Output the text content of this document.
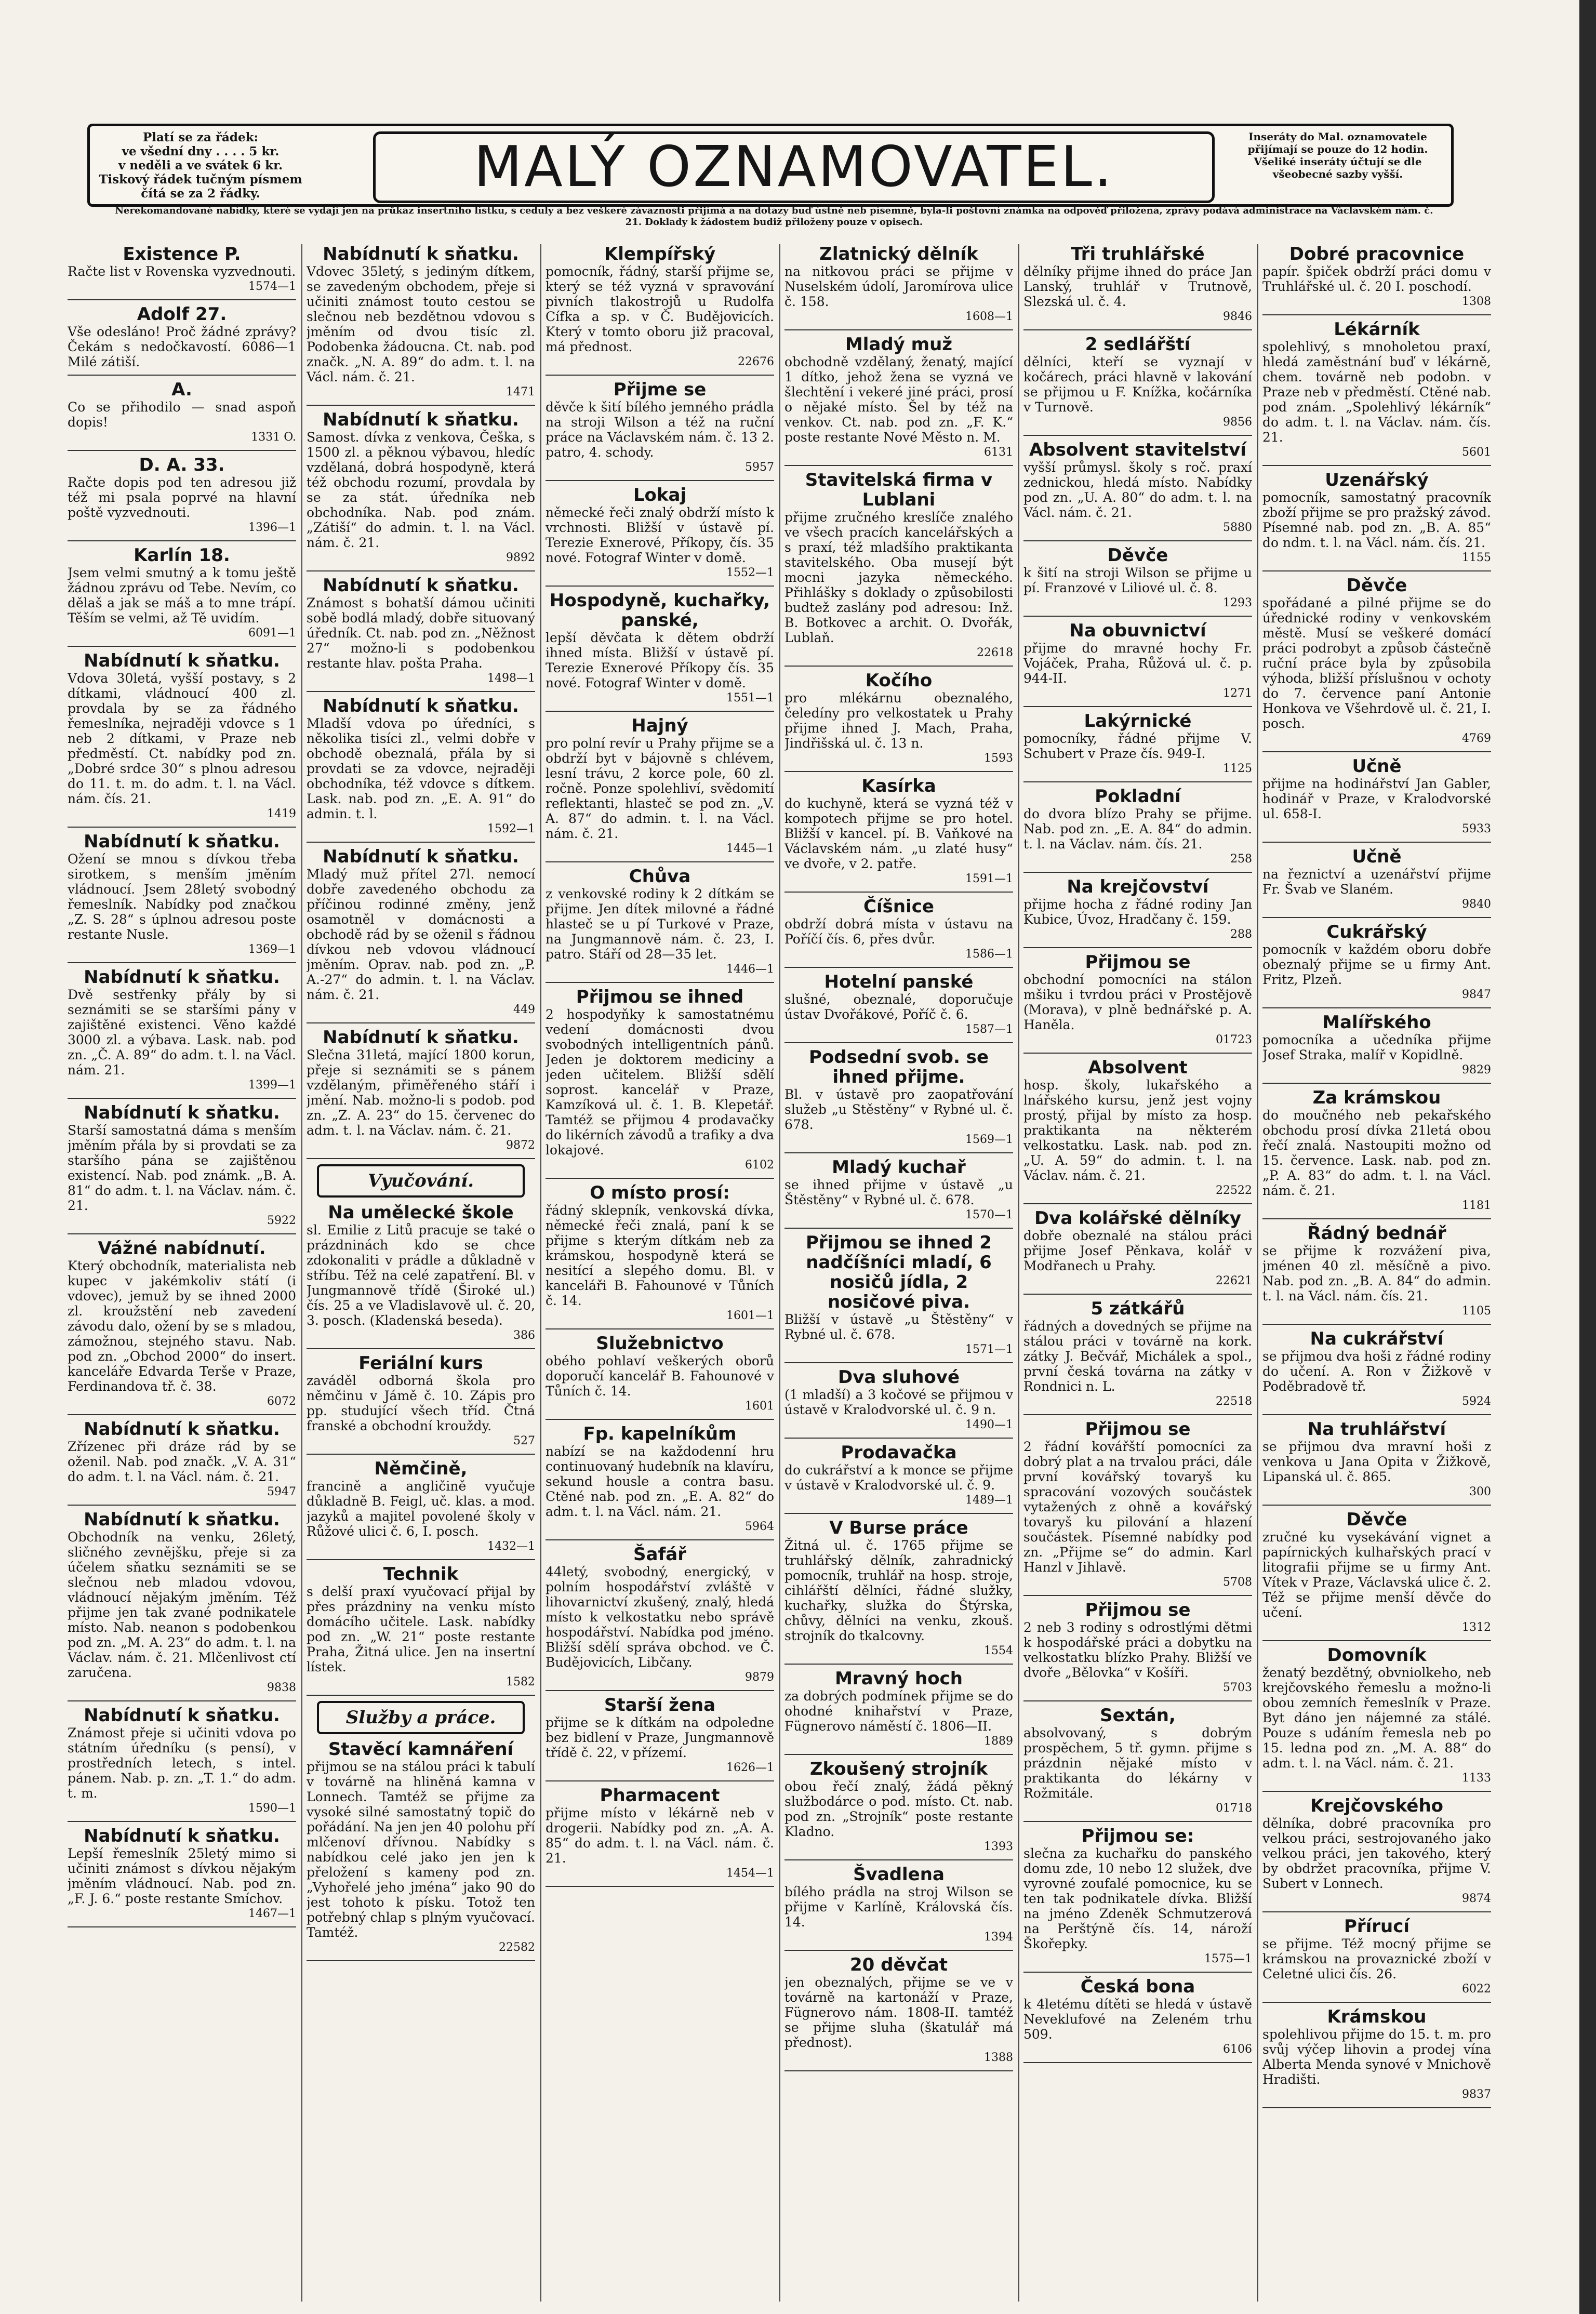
Platí se za řádek:
ve všední dny . . . . 5 kr.
v neděli a ve svátek 6 kr.
Tiskový řádek tučným písmem
čítá se za 2 řádky.	MALÝ OZNAMOVATEL.	Inseráty do Mal. oznamovatele
přijímají se pouze do 12 hodin.
Všeliké inseráty účtují se dle všeobecné sazby vyšší.
Nerekomandované nabídky, které se vydají jen na průkaz insertního lístku, s ceduly a bez veškeré závaznosti přijímá a na dotazy buď ústně neb písemně, byla-li poštovní známka na odpověď přiložena, zprávy podává administrace na Václavském nám. č. 21. Doklady k žádostem budiž přiloženy pouze v opisech.
Existence P.
Račte list v Rovenska vyzvednouti.
1574—1
Adolf 27.
Vše odesláno! Proč žádné zprávy? Čekám s nedočkavostí. 6086—1 Milé zátiší.
A.
Co se přihodilo — snad aspoň dopis!
1331 O.
D. A. 33.
Račte dopis pod ten adresou již též mi psala poprvé na hlavní poště vyzvednouti.
1396—1
Karlín 18.
Jsem velmi smutný a k tomu ještě žádnou zprávu od Tebe. Nevím, co dělaš a jak se máš a to mne trápí. Těším se velmi, až Tě uvidím.
6091—1
Nabídnutí k sňatku.
Vdova 30letá, vyšší postavy, s 2 dítkami, vládnoucí 400 zl. provdala by se za řádného řemeslníka, nejraději vdovce s 1 neb 2 dítkami, v Praze neb předměstí. Ct. nabídky pod zn. „Dobré srdce 30“ s plnou adresou do 11. t. m. do adm. t. l. na Václ. nám. čís. 21.
1419
Nabídnutí k sňatku.
Ožení se mnou s dívkou třeba sirotkem, s menším jměním vládnoucí. Jsem 28letý svobodný řemeslník. Nabídky pod značkou „Z. S. 28“ s úplnou adresou poste restante Nusle.
1369—1
Nabídnutí k sňatku.
Dvě sestřenky přály by si seznámiti se se staršími pány v zajištěné existenci. Věno každé 3000 zl. a výbava. Lask. nab. pod zn. „Č. A. 89“ do adm. t. l. na Václ. nám. 21.
1399—1
Nabídnutí k sňatku.
Starší samostatná dáma s menším jměním přála by si provdati se za staršího pána se zajištěnou existencí. Nab. pod známk. „B. A. 81“ do adm. t. l. na Václav. nám. č. 21.
5922
Vážné nabídnutí.
Který obchodník, materialista neb kupec v jakémkoliv státí (i vdovec), jemuž by se ihned 2000 zl. kroužstění neb zavedení závodu dalo, ožení by se s mladou, zámožnou, stejného stavu. Nab. pod zn. „Obchod 2000“ do insert. kanceláře Edvarda Terše v Praze, Ferdinandova tř. č. 38.
6072
Nabídnutí k sňatku.
Zřízenec při dráze rád by se oženil. Nab. pod značk. „V. A. 31“ do adm. t. l. na Václ. nám. č. 21.
5947
Nabídnutí k sňatku.
Obchodník na venku, 26letý, sličného zevnějšku, přeje si za účelem sňatku seznámiti se se slečnou neb mladou vdovou, vládnoucí nějakým jměním. Též přijme jen tak zvané podnikatele místo. Nab. neanon s podobenkou pod zn. „M. A. 23“ do adm. t. l. na Václav. nám. č. 21. Mlčenlivost ctí zaručena.
9838
Nabídnutí k sňatku.
Známost přeje si učiniti vdova po státním úředníku (s pensí), v prostředních letech, s intel. pánem. Nab. p. zn. „T. 1.“ do adm. t. m.
1590—1
Nabídnutí k sňatku.
Lepší řemeslník 25letý mimo si učiniti známost s dívkou nějakým jměním vládnoucí. Nab. pod zn. „F. J. 6.“ poste restante Smíchov.
1467—1
Nabídnutí k sňatku.
Vdovec 35letý, s jediným dítkem, se zavedeným obchodem, přeje si učiniti známost touto cestou se slečnou neb bezdětnou vdovou s jměním od dvou tisíc zl. Podobenka žádoucna. Ct. nab. pod značk. „N. A. 89“ do adm. t. l. na Václ. nám. č. 21.
1471
Nabídnutí k sňatku.
Samost. dívka z venkova, Češka, s 1500 zl. a pěknou výbavou, hledíc vzdělaná, dobrá hospodyně, která též obchodu rozumí, provdala by se za stát. úředníka neb obchodníka. Nab. pod znám. „Zátiší“ do admin. t. l. na Václ. nám. č. 21.
9892
Nabídnutí k sňatku.
Známost s bohatší dámou učiniti sobě bodlá mladý, dobře situovaný úředník. Ct. nab. pod zn. „Něžnost 27“ možno-li s podobenkou restante hlav. pošta Praha.
1498—1
Nabídnutí k sňatku.
Mladší vdova po úředníci, s několika tisíci zl., velmi dobře v obchodě obeznalá, přála by si provdati se za vdovce, nejraději obchodníka, též vdovce s dítkem. Lask. nab. pod zn. „E. A. 91“ do admin. t. l.
1592—1
Nabídnutí k sňatku.
Mladý muž přítel 27l. nemocí dobře zavedeného obchodu za příčinou rodinné změny, jenž osamotněl v domácnosti a obchodě rád by se oženil s řádnou dívkou neb vdovou vládnoucí jměním. Oprav. nab. pod zn. „P. A.-27“ do admin. t. l. na Václav. nám. č. 21.
449
Nabídnutí k sňatku.
Slečna 31letá, mající 1800 korun, přeje si seznámiti se s pánem vzdělaným, přiměřeného stáří i jmění. Nab. možno-li s podob. pod zn. „Z. A. 23“ do 15. červenec do adm. t. l. na Václav. nám. č. 21.
9872
Vyučování.
Na umělecké škole
sl. Emilie z Litů pracuje se také o prázdninách kdo se chce zdokonaliti v prádle a důkladně v stříbu. Též na celé zapatření. Bl. v Jungmannově třídě (Široké ul.) čís. 25 a ve Vladislavově ul. č. 20, 3. posch. (Kladenská beseda).
386
Feriální kurs
zaváděl odborná škola pro němčinu v Jámě č. 10. Zápis pro pp. studující všech tříd. Čtná franské a obchodní krouždy.
527
Němčině,
francině a angličině vyučuje důkladně B. Feigl, uč. klas. a mod. jazyků a majitel povolené školy v Růžové ulici č. 6, I. posch.
1432—1
Technik
s delší praxí vyučovací přijal by přes prázdniny na venku místo domácího učitele. Lask. nabídky pod zn. „W. 21“ poste restante Praha, Žitná ulice. Jen na insertní lístek.
1582
Služby a práce.
Stavěcí kamnáření
přijmou se na stálou práci k tabulí v továrně na hliněná kamna v Lonnech. Tamtéž se přijme za vysoké silné samostatný topič do pořádání. Na jen jen 40 polohu pří mlčenoví dřívnou. Nabídky s nabídkou celé jako jen jen k přeložení s kameny pod zn. „Vyhořelé jeho jména“ jako 90 do jest tohoto k písku. Totož ten potřebný chlap s plným vyučovací. Tamtéž.
22582
Klempířský
pomocník, řádný, starší přijme se, který se též vyzná v spravování pivních tlakostrojů u Rudolfa Cífka a sp. v Č. Budějovicích. Který v tomto oboru již pracoval, má přednost.
22676
Přijme se
děvče k šití bílého jemného prádla na stroji Wilson a též na ruční práce na Václavském nám. č. 13 2. patro, 4. schody.
5957
Lokaj
německé řeči znalý obdrží místo k vrchnosti. Bližší v ústavě pí. Terezie Exnerové, Příkopy, čís. 35 nové. Fotograf Winter v domě.
1552—1
Hospodyně, kuchařky, panské,
lepší děvčata k dětem obdrží ihned místa. Bližší v ústavě pí. Terezie Exnerové Příkopy čís. 35 nové. Fotograf Winter v domě.
1551—1
Hajný
pro polní revír u Prahy přijme se a obdrží byt v bájovně s chlévem, lesní trávu, 2 korce pole, 60 zl. ročně. Ponze spolehliví, svědomití reflektanti, hlasteč se pod zn. „V. A. 87“ do admin. t. l. na Václ. nám. č. 21.
1445—1
Chůva
z venkovské rodiny k 2 dítkám se přijme. Jen dítek milovné a řádné hlasteč se u pí Turkové v Praze, na Jungmannově nám. č. 23, I. patro. Stáří od 28—35 let.
1446—1
Přijmou se ihned
2 hospodyňky k samostatnému vedení domácnosti dvou svobodných intelligentních pánů. Jeden je doktorem mediciny a jeden učitelem. Bližší sdělí soprost. kancelář v Praze, Kamzíková ul. č. 1. B. Klepetář. Tamtéž se přijmou 4 prodavačky do likérních závodů a trafiky a dva lokajové.
6102
O místo prosí:
řádný sklepník, venkovská dívka, německé řeči znalá, paní k se přijme s kterým dítkám neb za krámskou, hospodyně která se nesitící a slepého domu. Bl. v kanceláři B. Fahounové v Tůních č. 14.
1601—1
Služebnictvo
obého pohlaví veškerých oborů doporučí kancelář B. Fahounové v Tůních č. 14.
1601
Fp. kapelníkům
nabízí se na každodenní hru continuovaný hudebník na klavíru, sekund housle a contra basu. Ctěné nab. pod zn. „E. A. 82“ do adm. t. l. na Václ. nám. 21.
5964
Šafář
44letý, svobodný, energický, v polním hospodářství zvláště v lihovarnictví zkušený, znalý, hledá místo k velkostatku nebo správě hospodářství. Nabídka pod jméno. Bližší sdělí správa obchod. ve Č. Budějovicích, Libčany.
9879
Starší žena
přijme se k dítkám na odpoledne bez bidlení v Praze, Jungmannově třídě č. 22, v přízemí.
1626—1
Pharmacent
přijme místo v lékárně neb v drogerii. Nabídky pod zn. „A. A. 85“ do adm. t. l. na Václ. nám. č. 21.
1454—1
Zlatnický dělník
na nitkovou práci se přijme v Nuselském údolí, Jaromírova ulice č. 158.
1608—1
Mladý muž
obchodně vzdělaný, ženatý, mající 1 dítko, jehož žena se vyzná ve šlechtění i vekeré jiné práci, prosí o nějaké místo. Šel by též na venkov. Ct. nab. pod zn. „F. K.“ poste restante Nové Město n. M.
6131
Stavitelská firma v Lublani
přijme zručného kreslíče znalého ve všech pracích kancelářských a s praxí, též mladšího praktikanta stavitelského. Oba musejí být mocni jazyka německého. Přihlášky s doklady o způsobilosti budtež zaslány pod adresou: Inž. B. Botkovec a archit. O. Dvořák, Lublaň.
22618
Kočího
pro mlékárnu obeznalého, čeledíny pro velkostatek u Prahy přijme ihned J. Mach, Praha, Jindřišská ul. č. 13 n.
1593
Kasírka
do kuchyně, která se vyzná též v kompotech přijme se pro hotel. Bližší v kancel. pí. B. Vaňkové na Václavském nám. „u zlaté husy“ ve dvoře, v 2. patře.
1591—1
Číšnice
obdrží dobrá místa v ústavu na Poříčí čís. 6, přes dvůr.
1586—1
Hotelní panské
slušné, obeznalé, doporučuje ústav Dvořákové, Poříč č. 6.
1587—1
Podsední svob. se ihned přijme.
Bl. v ústavě pro zaopatřování služeb „u Stěstěny“ v Rybné ul. č. 678.
1569—1
Mladý kuchař
se ihned přijme v ústavě „u Štěstěny“ v Rybné ul. č. 678.
1570—1
Přijmou se ihned 2 nadčíšníci mladí, 6 nosičů jídla, 2 nosičové piva.
Bližší v ústavě „u Štěstěny“ v Rybné ul. č. 678.
1571—1
Dva sluhové
(1 mladší) a 3 kočové se přijmou v ústavě v Kralodvorské ul. č. 9 n.
1490—1
Prodavačka
do cukrářství a k monce se přijme v ústavě v Kralodvorské ul. č. 9.
1489—1
V Burse práce
Žitná ul. č. 1765 přijme se truhlářský dělník, zahradnický pomocník, truhlář na hosp. stroje, cihlářští dělníci, řádné služky, kuchařky, služka do Štýrska, chůvy, dělníci na venku, zkouš. strojník do tkalcovny.
1554
Mravný hoch
za dobrých podmínek přijme se do ohodné knihařství v Praze, Fügnerovo náměstí č. 1806—II.
1889
Zkoušený strojník
obou řečí znalý, žádá pěkný službodárce o pod. místo. Ct. nab. pod zn. „Strojník“ poste restante Kladno.
1393
Švadlena
bílého prádla na stroj Wilson se přijme v Karlíně, Královská čís. 14.
1394
20 děvčat
jen obeznalých, přijme se ve v továrně na kartonáží v Praze, Fügnerovo nám. 1808-II. tamtéž se přijme sluha (škatulář má přednost).
1388
Tři truhlářské
dělníky přijme ihned do práce Jan Lanský, truhlář v Trutnově, Slezská ul. č. 4.
9846
2 sedlářští
dělníci, kteří se vyznají v kočárech, práci hlavně v lakování se přijmou u F. Knížka, kočárníka v Turnově.
9856
Absolvent stavitelství
vyšší průmysl. školy s roč. praxí zednickou, hledá místo. Nabídky pod zn. „U. A. 80“ do adm. t. l. na Václ. nám. č. 21.
5880
Děvče
k šití na stroji Wilson se přijme u pí. Franzové v Liliové ul. č. 8.
1293
Na obuvnictví
přijme do mravné hochy Fr. Vojáček, Praha, Růžová ul. č. p. 944-II.
1271
Lakýrnické
pomocníky, řádné přijme V. Schubert v Praze čís. 949-I.
1125
Pokladní
do dvora blízo Prahy se přijme. Nab. pod zn. „E. A. 84“ do admin. t. l. na Václav. nám. čís. 21.
258
Na krejčovství
přijme hocha z řádné rodiny Jan Kubice, Úvoz, Hradčany č. 159.
288
Přijmou se
obchodní pomocníci na stálon mšiku i tvrdou práci v Prostějově (Morava), v plně bednářské p. A. Haněla.
01723
Absolvent
hosp. školy, lukařského a lnářského kursu, jenž jest vojny prostý, přijal by místo za hosp. praktikanta na některém velkostatku. Lask. nab. pod zn. „U. A. 59“ do admin. t. l. na Václav. nám. č. 21.
22522
Dva kolářské dělníky
dobře obeznalé na stálou práci přijme Josef Pěnkava, kolář v Modřanech u Prahy.
22621
5 zátkářů
řádných a dovedných se přijme na stálou práci v továrně na kork. zátky J. Bečvář, Michálek a spol., první česká továrna na zátky v Rondnici n. L.
22518
Přijmou se
2 řádní kovářští pomocníci za dobrý plat a na trvalou práci, dále první kovářský tovaryš ku spracování vozových součástek vytažených z ohně a kovářský tovaryš ku pilování a hlazení součástek. Písemné nabídky pod zn. „Přijme se“ do admin. Karl Hanzl v Jihlavě.
5708
Přijmou se
2 neb 3 rodiny s odrostlými dětmi k hospodářské práci a dobytku na velkostatku blízko Prahy. Bližší ve dvoře „Bělovka“ v Košíři.
5703
Sextán,
absolvovaný, s dobrým prospěchem, 5 tř. gymn. přijme s prázdnin nějaké místo v praktikanta do lékárny v Rožmitále.
01718
Přijmou se:
slečna za kuchařku do panského domu zde, 10 nebo 12 služek, dve vyrovné zoufalé pomocnice, ku se ten tak podnikatele dívka. Bližší na jméno Zdeněk Schmutzerová na Perštýně čís. 14, nároží Škořepky.
1575—1
Česká bona
k 4letému dítěti se hledá v ústavě Neveklufové na Zeleném trhu 509.
6106
Dobré pracovnice
papír. špiček obdrží práci domu v Truhlářské ul. č. 20 I. poschodí.
1308
Lékárník
spolehlivý, s mnoholetou praxí, hledá zaměstnání buď v lékárně, chem. továrně neb podobn. v Praze neb v předměstí. Ctěné nab. pod znám. „Spolehlivý lékárník“ do adm. t. l. na Václav. nám. čís. 21.
5601
Uzenářský
pomocník, samostatný pracovník zboží přijme se pro pražský závod. Písemné nab. pod zn. „B. A. 85“ do ndm. t. l. na Václ. nám. čís. 21.
1155
Děvče
spořádané a pilné přijme se do úřednické rodiny v venkovském městě. Musí se veškeré domácí práci podrobyt a způsob částečně ruční práce byla by způsobila výhoda, bližší příslušnou v ochoty do 7. července paní Antonie Honkova ve Všehrdově ul. č. 21, I. posch.
4769
Učně
přijme na hodinářství Jan Gabler, hodinář v Praze, v Kralodvorské ul. 658-I.
5933
Učně
na řeznictví a uzenářství přijme Fr. Švab ve Slaném.
9840
Cukrářský
pomocník v každém oboru dobře obeznalý přijme se u firmy Ant. Fritz, Plzeň.
9847
Malířského
pomocníka a učedníka přijme Josef Straka, malíř v Kopidlně.
9829
Za krámskou
do moučného neb pekařského obchodu prosí dívka 21letá obou řečí znalá. Nastoupiti možno od 15. července. Lask. nab. pod zn. „P. A. 83“ do adm. t. l. na Václ. nám. č. 21.
1181
Řádný bednář
se přijme k rozvážení piva, jménen 40 zl. měsíčně a pivo. Nab. pod zn. „B. A. 84“ do admin. t. l. na Václ. nám. čís. 21.
1105
Na cukrářství
se přijmou dva hoši z řádné rodiny do učení. A. Ron v Žižkově v Poděbradově tř.
5924
Na truhlářství
se přijmou dva mravní hoši z venkova u Jana Opita v Žižkově, Lipanská ul. č. 865.
300
Děvče
zručné ku vysekávání vignet a papírnických kulhařských prací v litografii přijme se u firmy Ant. Vítek v Praze, Václavská ulice č. 2. Též se přijme menší děvče do učení.
1312
Domovník
ženatý bezdětný, obvniolkeho, neb krejčovského řemeslu a možno-li obou zemních řemeslník v Praze. Byt dáno jen nájemné za stálé. Pouze s udáním řemesla neb po 15. ledna pod zn. „M. A. 88“ do adm. t. l. na Václ. nám. č. 21.
1133
Krejčovského
dělníka, dobré pracovníka pro velkou práci, sestrojovaného jako velkou práci, jen takového, který by obdržet pracovníka, přijme V. Subert v Lonnech.
9874
Přírucí
se přijme. Též mocný přijme se krámskou na provaznické zboží v Celetné ulici čís. 26.
6022
Krámskou
spolehlivou přijme do 15. t. m. pro svůj výčep lihovin a prodej vína Alberta Menda synové v Mnichově Hradišti.
9837
